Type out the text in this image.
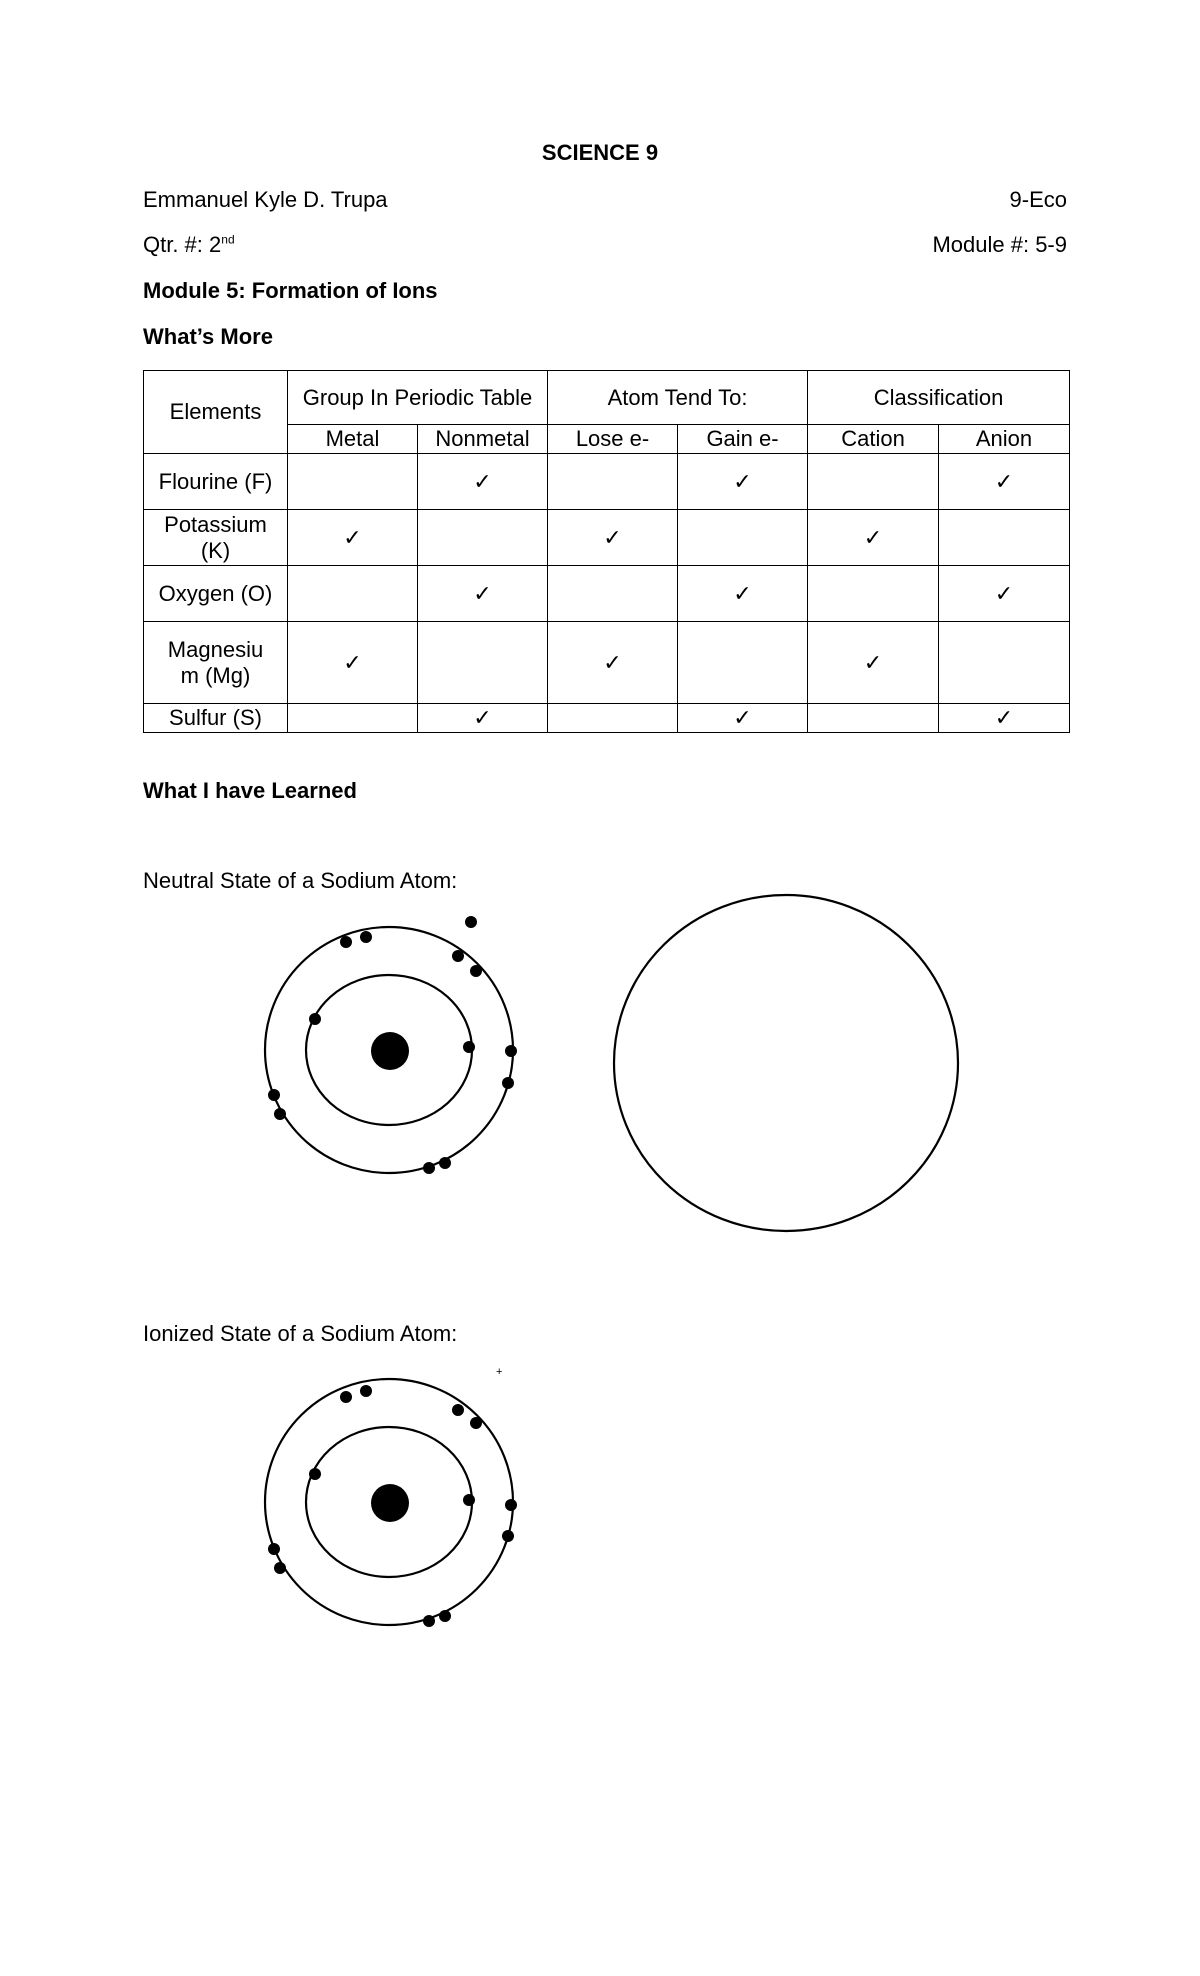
SCIENCE 9
Emmanuel Kyle D. Trupa	9-Eco
Qtr. #: 2nd	Module #: 5-9
Module 5: Formation of Ions
What’s More
Elements	Group In Periodic Table		Atom Tend To:		Classification	
	Metal	Nonmetal	Lose e-	Gain e-	Cation	Anion
Flourine (F)		✓		✓		✓
Potassium (K)	✓		✓		✓	
Oxygen (O)		✓		✓		✓
Magnesiu m (Mg)	✓		✓		✓	
Sulfur (S)		✓		✓		✓
What I have Learned
Neutral State of a Sodium Atom:
Ionized State of a Sodium Atom:
+
